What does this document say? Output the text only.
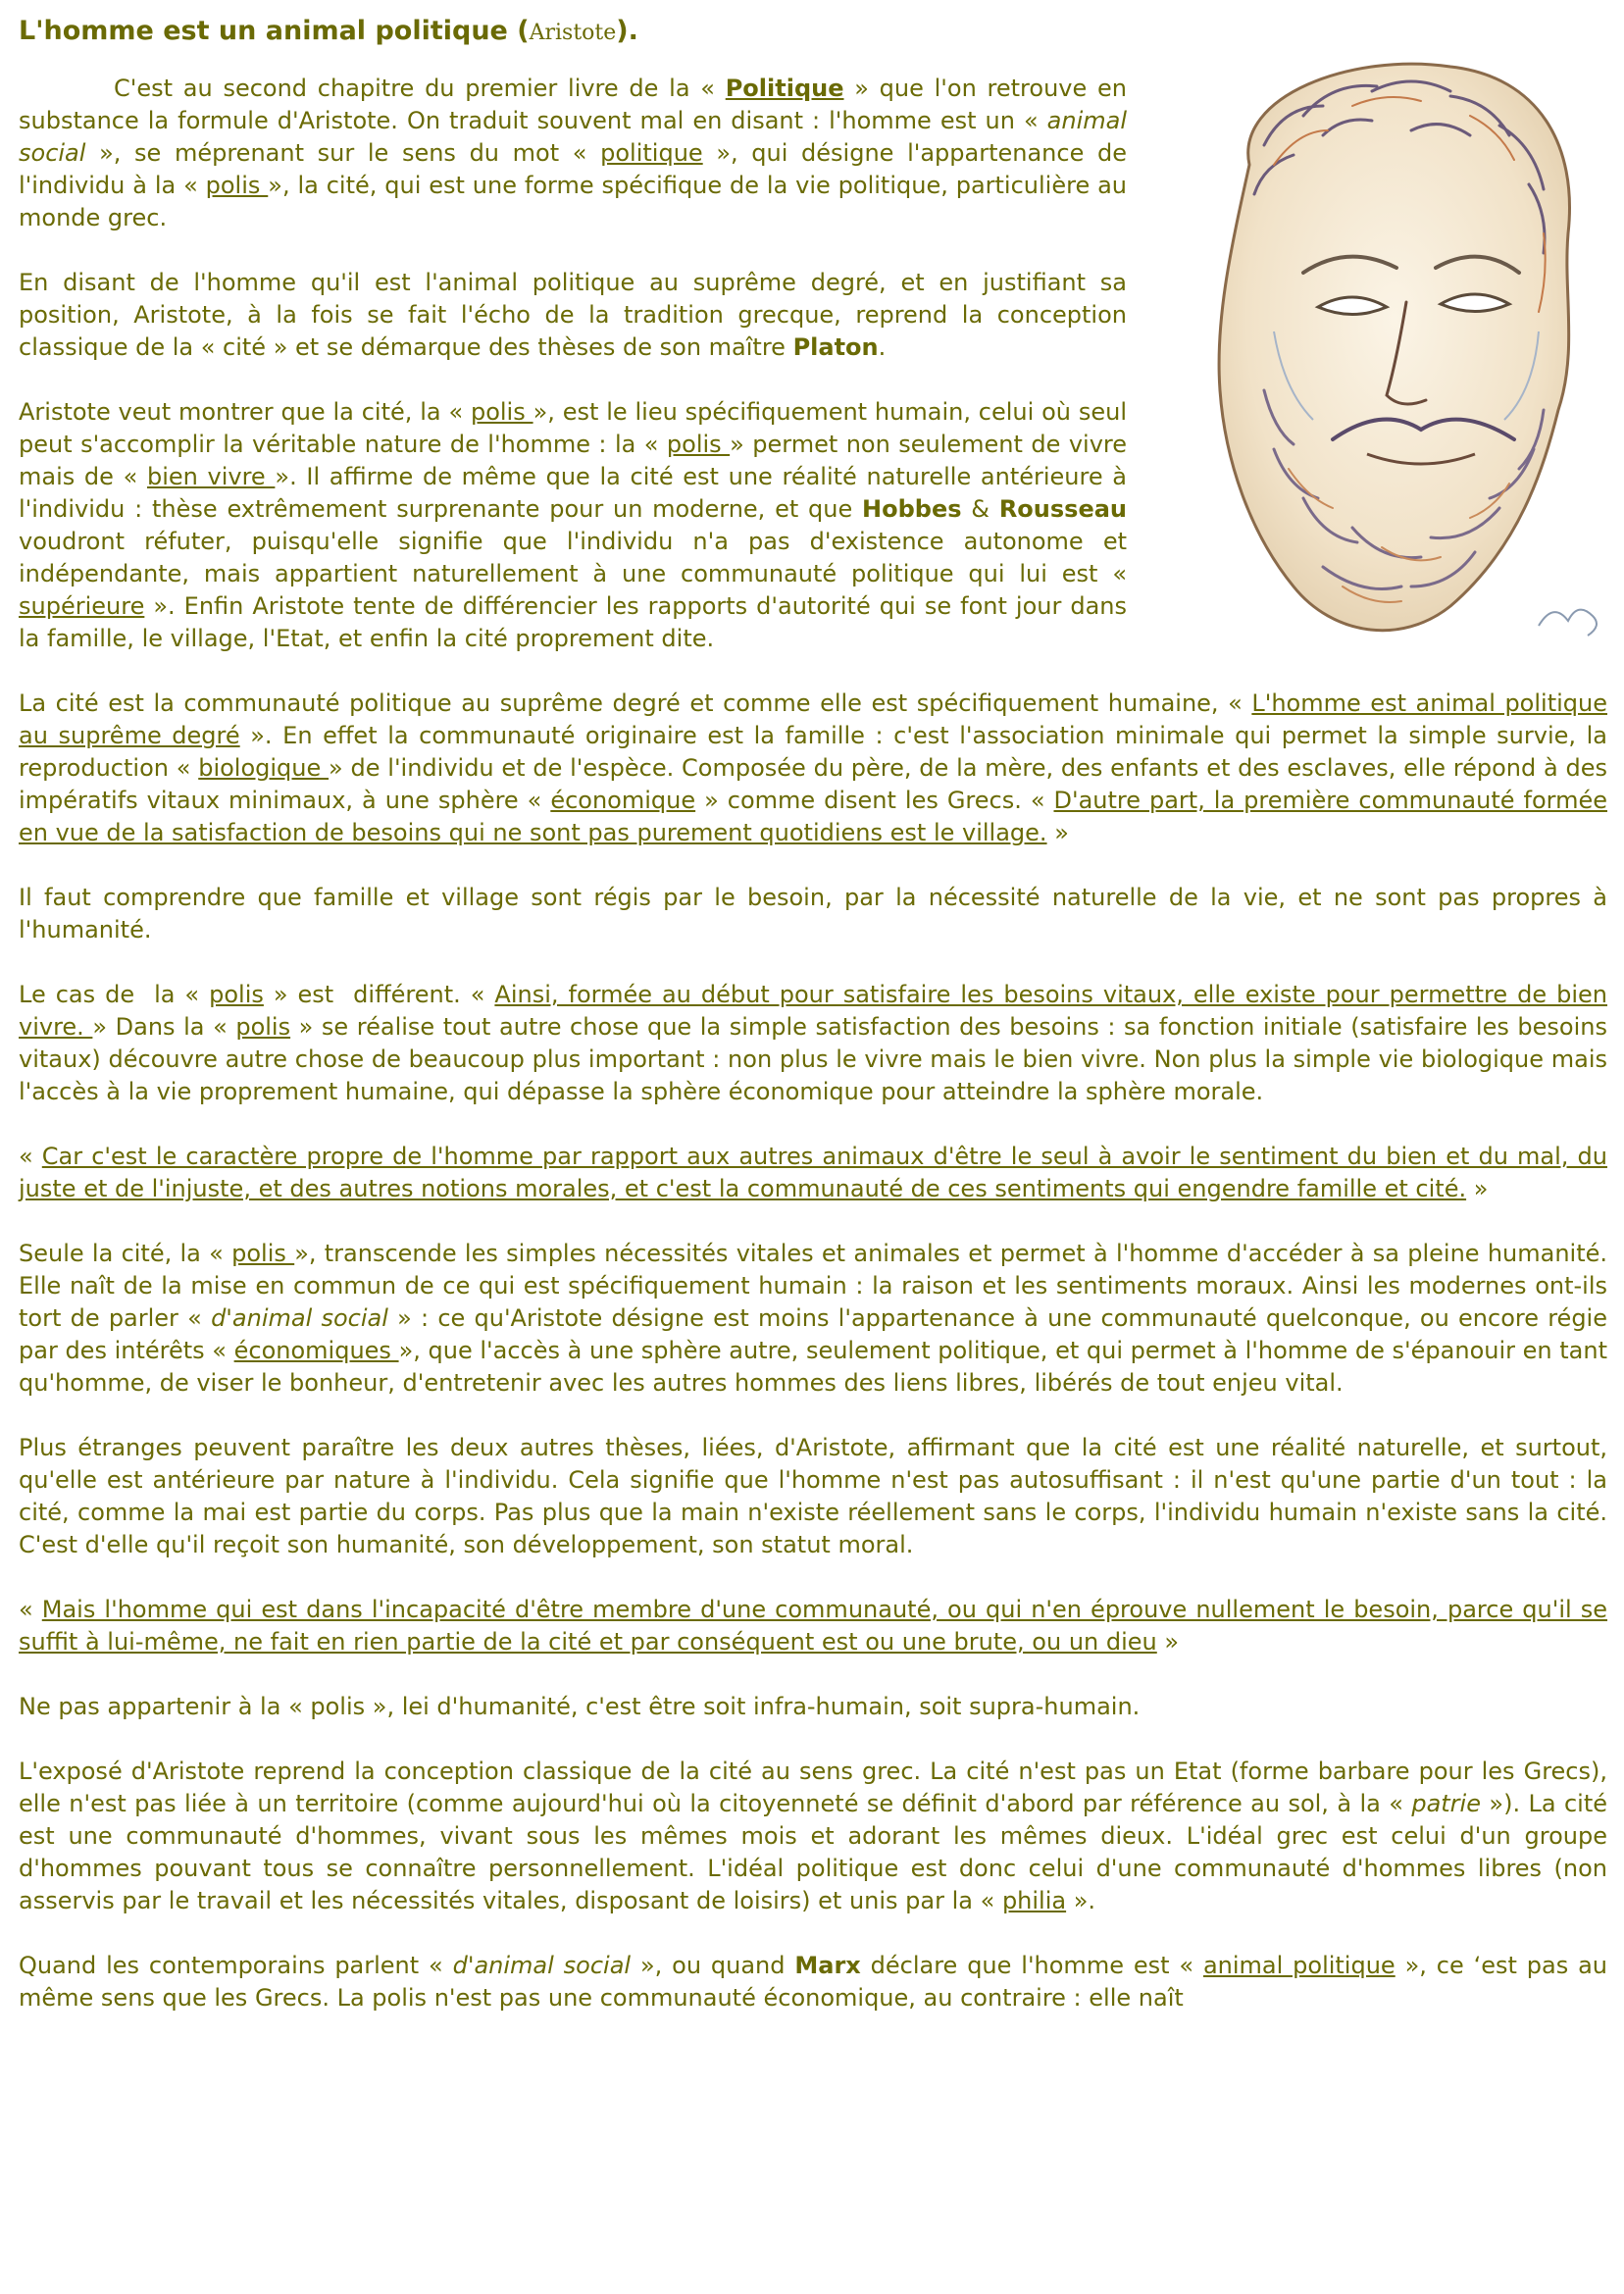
L'homme est un animal politique (Aristote).

C'est au second chapitre du premier livre de la « Politique » que l'on retrouve en substance la formule d'Aristote. On traduit souvent mal en disant : l'homme est un « animal social », se méprenant sur le sens du mot « politique », qui désigne l'appartenance de l'individu à la « polis », la cité, qui est une forme spécifique de la vie politique, particulière au monde grec.

En disant de l'homme qu'il est l'animal politique au suprême degré, et en justifiant sa position, Aristote, à la fois se fait l'écho de la tradition grecque, reprend la conception classique de la « cité » et se démarque des thèses de son maître Platon.

Aristote veut montrer que la cité, la « polis », est le lieu spécifiquement humain, celui où seul peut s'accomplir la véritable nature de l'homme : la « polis » permet non seulement de vivre mais de « bien vivre ». Il affirme de même que la cité est une réalité naturelle antérieure à l'individu : thèse extrêmement surprenante pour un moderne, et que Hobbes & Rousseau voudront réfuter, puisqu'elle signifie que l'individu n'a pas d'existence autonome et indépendante, mais appartient naturellement à une communauté politique qui lui est « supérieure ». Enfin Aristote tente de différencier les rapports d'autorité qui se font jour dans la famille, le village, l'Etat, et enfin la cité proprement dite.

La cité est la communauté politique au suprême degré et comme elle est spécifiquement humaine, « L'homme est animal politique au suprême degré ». En effet la communauté originaire est la famille : c'est l'association minimale qui permet la simple survie, la reproduction « biologique » de l'individu et de l'espèce. Composée du père, de la mère, des enfants et des esclaves, elle répond à des impératifs vitaux minimaux, à une sphère « économique » comme disent les Grecs. « D'autre part, la première communauté formée en vue de la satisfaction de besoins qui ne sont pas purement quotidiens est le village. »

Il faut comprendre que famille et village sont régis par le besoin, par la nécessité naturelle de la vie, et ne sont pas propres à l'humanité.

Le cas de  la « polis » est  différent. « Ainsi, formée au début pour satisfaire les besoins vitaux, elle existe pour permettre de bien vivre. » Dans la « polis » se réalise tout autre chose que la simple satisfaction des besoins : sa fonction initiale (satisfaire les besoins vitaux) découvre autre chose de beaucoup plus important : non plus le vivre mais le bien vivre. Non plus la simple vie biologique mais l'accès à la vie proprement humaine, qui dépasse la sphère économique pour atteindre la sphère morale.

« Car c'est le caractère propre de l'homme par rapport aux autres animaux d'être le seul à avoir le sentiment du bien et du mal, du juste et de l'injuste, et des autres notions morales, et c'est la communauté de ces sentiments qui engendre famille et cité. »

Seule la cité, la « polis », transcende les simples nécessités vitales et animales et permet à l'homme d'accéder à sa pleine humanité. Elle naît de la mise en commun de ce qui est spécifiquement humain : la raison et les sentiments moraux. Ainsi les modernes ont-ils tort de parler « d'animal social » : ce qu'Aristote désigne est moins l'appartenance à une communauté quelconque, ou encore régie par des intérêts « économiques », que l'accès à une sphère autre, seulement politique, et qui permet à l'homme de s'épanouir en tant qu'homme, de viser le bonheur, d'entretenir avec les autres hommes des liens libres, libérés de tout enjeu vital.

Plus étranges peuvent paraître les deux autres thèses, liées, d'Aristote, affirmant que la cité est une réalité naturelle, et surtout, qu'elle est antérieure par nature à l'individu. Cela signifie que l'homme n'est pas autosuffisant : il n'est qu'une partie d'un tout : la cité, comme la mai est partie du corps. Pas plus que la main n'existe réellement sans le corps, l'individu humain n'existe sans la cité. C'est d'elle qu'il reçoit son humanité, son développement, son statut moral.

« Mais l'homme qui est dans l'incapacité d'être membre d'une communauté, ou qui n'en éprouve nullement le besoin, parce qu'il se suffit à lui-même, ne fait en rien partie de la cité et par conséquent est ou une brute, ou un dieu »

Ne pas appartenir à la « polis », lei d'humanité, c'est être soit infra-humain, soit supra-humain.

L'exposé d'Aristote reprend la conception classique de la cité au sens grec. La cité n'est pas un Etat (forme barbare pour les Grecs), elle n'est pas liée à un territoire (comme aujourd'hui où la citoyenneté se définit d'abord par référence au sol, à la « patrie »). La cité est une communauté d'hommes, vivant sous les mêmes mois et adorant les mêmes dieux. L'idéal grec est celui d'un groupe d'hommes pouvant tous se connaître personnellement. L'idéal politique est donc celui d'une communauté d'hommes libres (non asservis par le travail et les nécessités vitales, disposant de loisirs) et unis par la « philia ».

Quand les contemporains parlent « d'animal social », ou quand Marx déclare que l'homme est « animal politique », ce ‘est pas au même sens que les Grecs. La polis n'est pas une communauté économique, au contraire : elle naît
